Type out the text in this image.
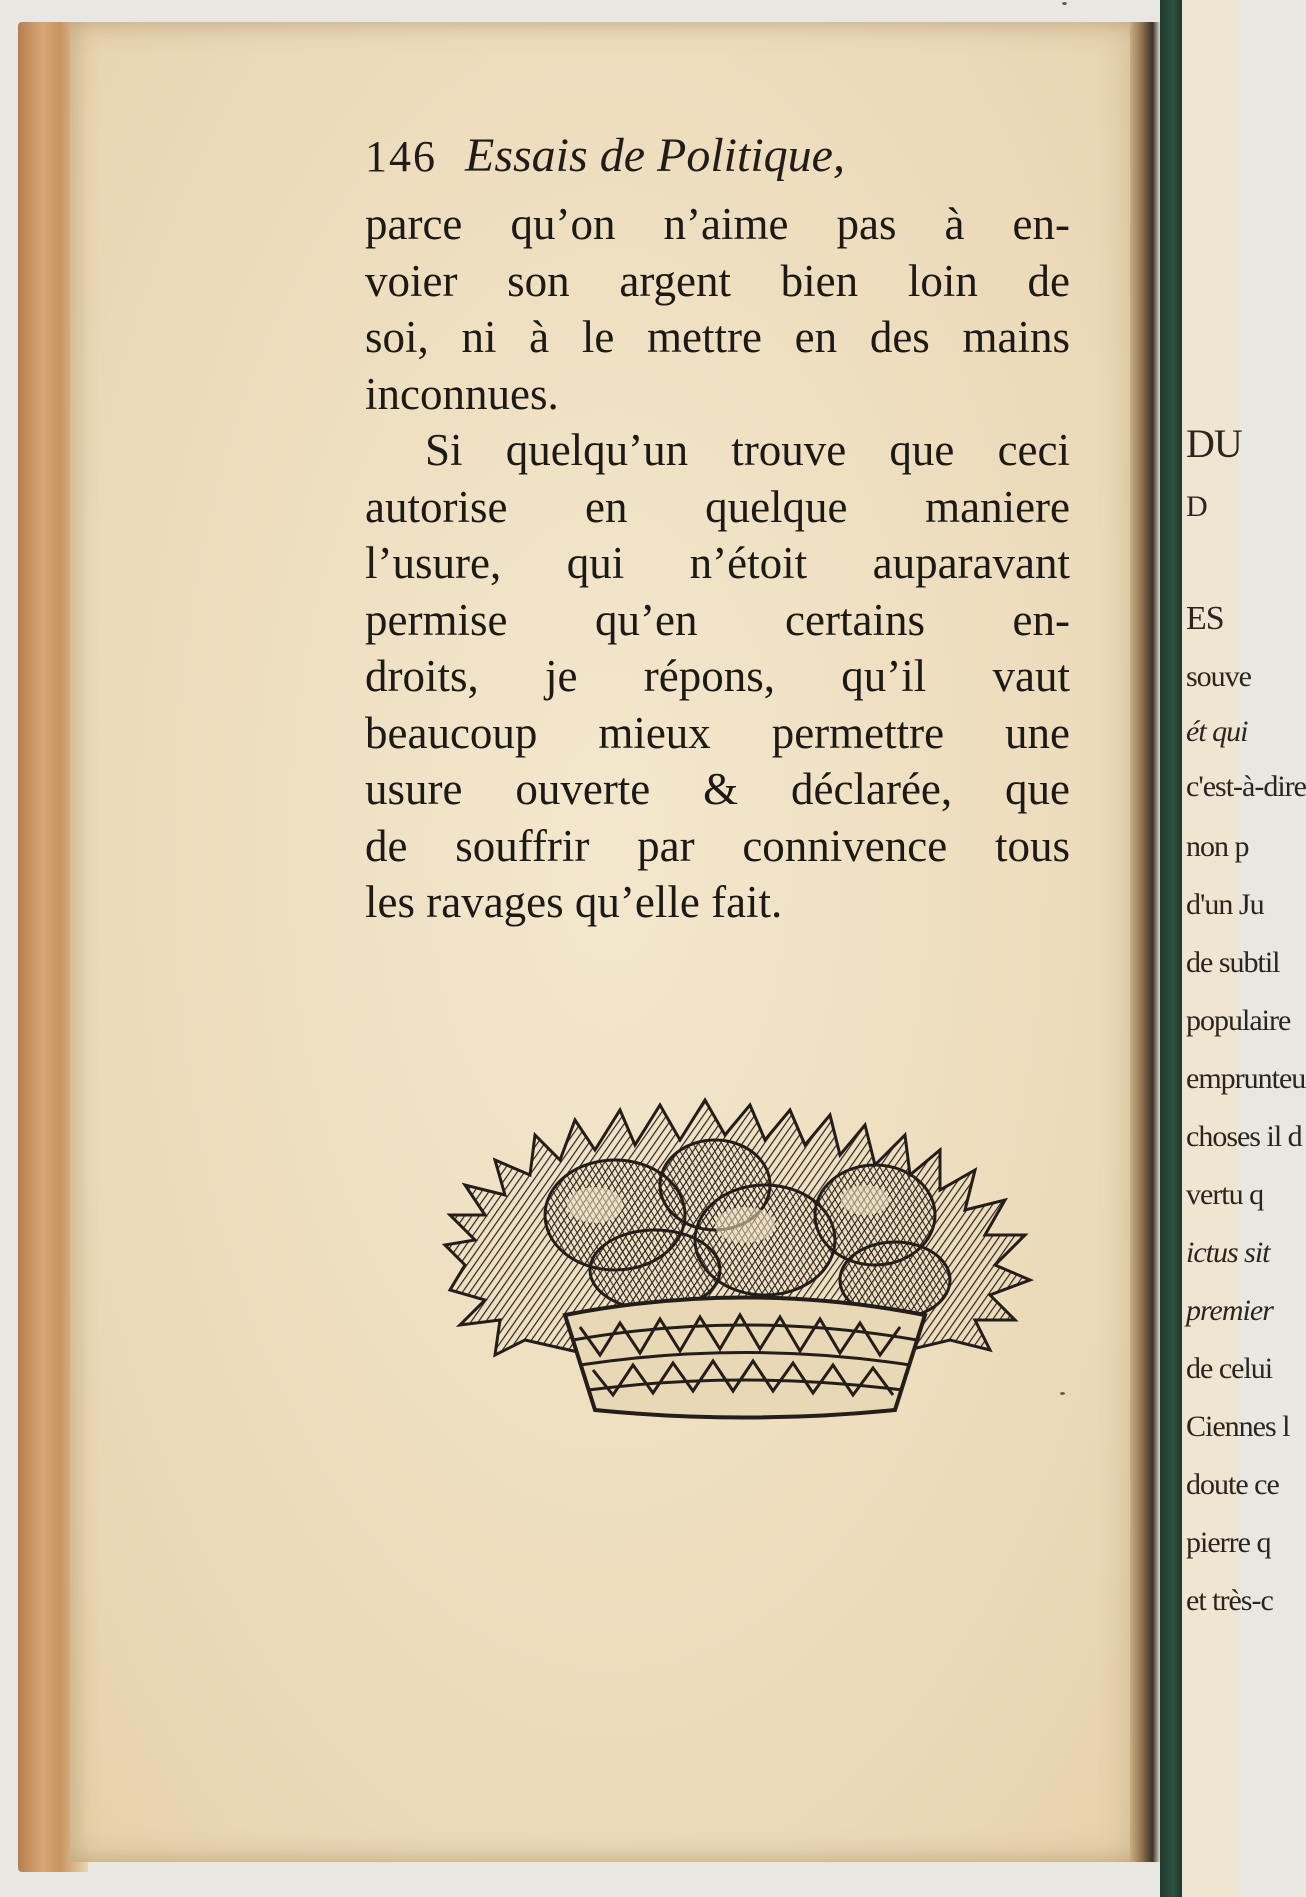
DU
D
ES
souve
ét qui
c'est-à-dire
non p
d'un Ju
de subtil
populaire
emprunteu
choses il d
vertu q
ictus sit
premier
de celui
Ciennes l
doute ce
pierre q
et très-c

146 Essais de Politique,
parce qu’on n’aime pas à en-
voier son argent bien loin de
soi, ni à le mettre en des mains
inconnues.
Si quelqu’un trouve que ceci
autorise en quelque maniere
l’usure, qui n’étoit auparavant
permise qu’en certains en-
droits, je répons, qu’il vaut
beaucoup mieux permettre une
usure ouverte & déclarée, que
de souffrir par connivence tous
les ravages qu’elle fait.
